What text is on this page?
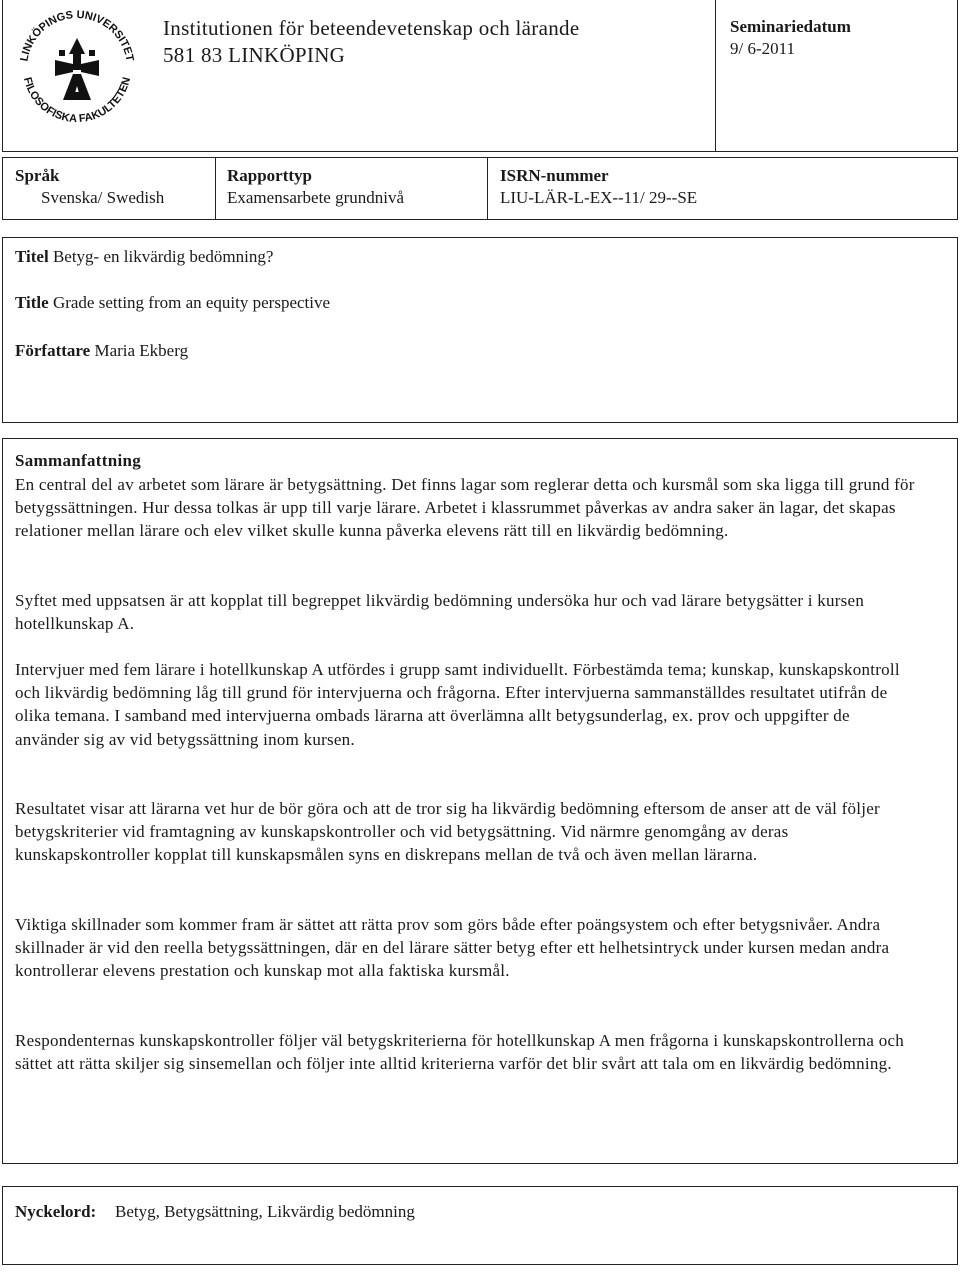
LINKÖPINGS UNIVERSITET
FILOSOFISKA FAKULTETEN
Institutionen för beteendevetenskap och lärande
581 83 LINKÖPING
Seminariedatum
9/ 6-2011
Språk
Svenska/ Swedish
Rapporttyp
Examensarbete grundnivå
ISRN-nummer
LIU-LÄR-L-EX--11/ 29--SE
Titel Betyg- en likvärdig bedömning?
Title Grade setting from an equity perspective
Författare Maria Ekberg
Sammanfattning
En central del av arbetet som lärare är betygsättning. Det finns lagar som reglerar detta och kursmål som ska ligga till grund för betygssättningen. Hur dessa tolkas är upp till varje lärare. Arbetet i klassrummet påverkas av andra saker än lagar, det skapas relationer mellan lärare och elev vilket skulle kunna påverka elevens rätt till en likvärdig bedömning.
Syftet med uppsatsen är att kopplat till begreppet likvärdig bedömning undersöka hur och vad lärare betygsätter i kursen hotellkunskap A.
Intervjuer med fem lärare i hotellkunskap A utfördes i grupp samt individuellt. Förbestämda tema; kunskap, kunskapskontroll och likvärdig bedömning låg till grund för intervjuerna och frågorna. Efter intervjuerna sammanställdes resultatet utifrån de olika temana. I samband med intervjuerna ombads lärarna att överlämna allt betygsunderlag, ex. prov och uppgifter de använder sig av vid betygssättning inom kursen.
Resultatet visar att lärarna vet hur de bör göra och att de tror sig ha likvärdig bedömning eftersom de anser att de väl följer betygskriterier vid framtagning av kunskapskontroller och vid betygsättning. Vid närmre genomgång av deras kunskapskontroller kopplat till kunskapsmålen syns en diskrepans mellan de två och även mellan lärarna.
Viktiga skillnader som kommer fram är sättet att rätta prov som görs både efter poängsystem och efter betygsnivåer. Andra skillnader är vid den reella betygssättningen, där en del lärare sätter betyg efter ett helhetsintryck under kursen medan andra kontrollerar elevens prestation och kunskap mot alla faktiska kursmål.
Respondenternas kunskapskontroller följer väl betygskriterierna för hotellkunskap A men frågorna i kunskapskontrollerna och sättet att rätta skiljer sig sinsemellan och följer inte alltid kriterierna varför det blir svårt att tala om en likvärdig bedömning.
Nyckelord: Betyg, Betygsättning, Likvärdig bedömning
